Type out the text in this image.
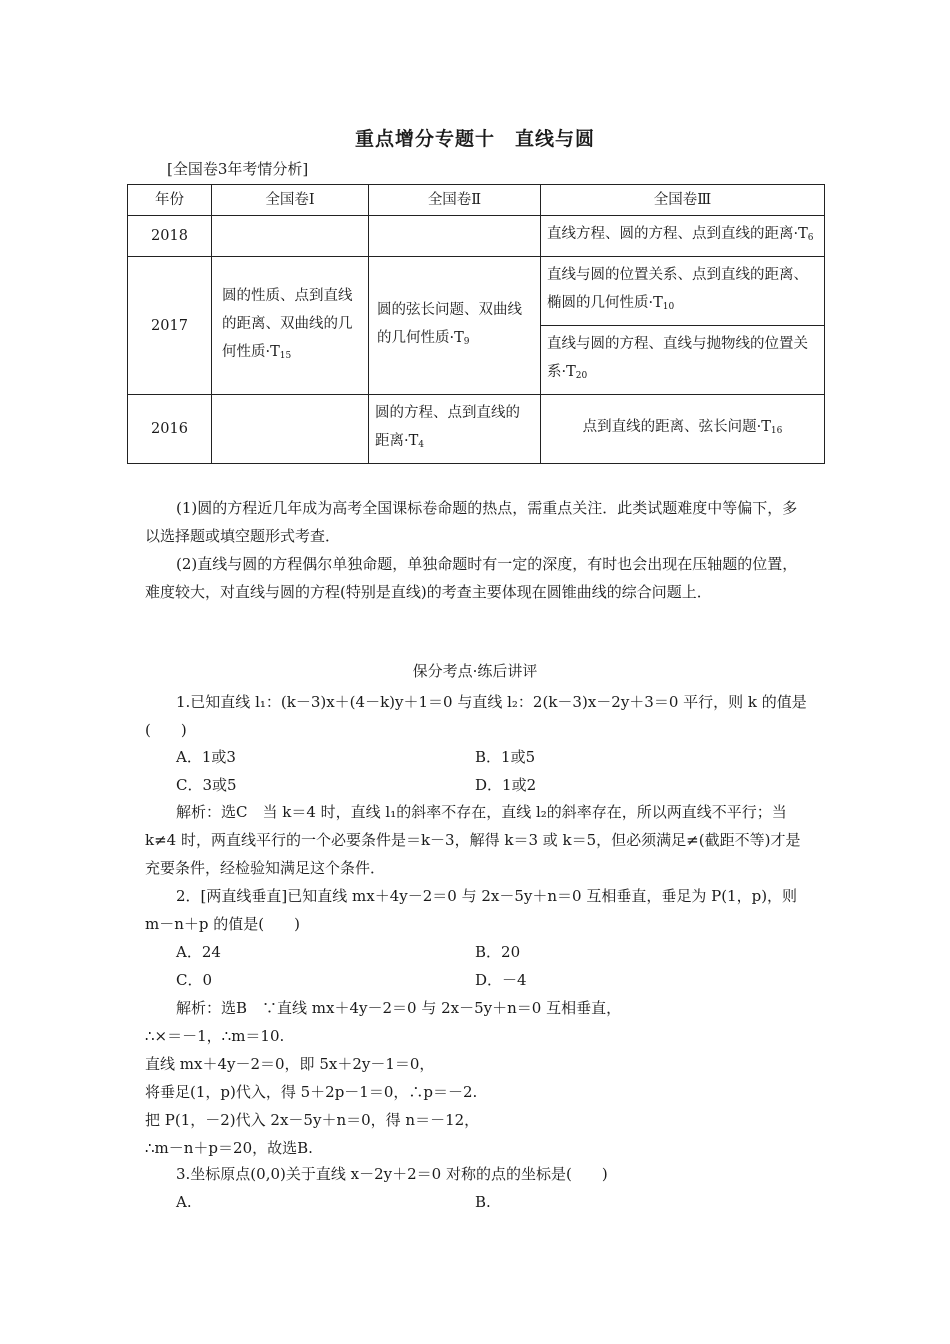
重点增分专题十　直线与圆
[全国卷3年考情分析]
年份	全国卷Ⅰ	全国卷Ⅱ	全国卷Ⅲ
2018			直线方程、圆的方程、点到直线的距离$\cdot T_6$
2017	圆的性质、点到直线的距离、双曲线的几何性质$\cdot T_{15}$	圆的弦长问题、双曲线的几何性质$\cdot T_9$	直线与圆的位置关系、点到直线的距离、椭圆的几何性质$\cdot T_{10}$
			直线与圆的方程、直线与抛物线的位置关系$\cdot T_{20}$
2016		圆的方程、点到直线的距离$\cdot T_4$	点到直线的距离、弦长问题$\cdot T_{16}$
(1)圆的方程近几年成为高考全国课标卷命题的热点，需重点关注．此类试题难度中等偏下，多以选择题或填空题形式考查．
(2)直线与圆的方程偶尔单独命题，单独命题时有一定的深度，有时也会出现在压轴题的位置，难度较大，对直线与圆的方程(特别是直线)的考查主要体现在圆锥曲线的综合问题上．
保分考点·练后讲评
1.已知直线 l₁：(k－3)x＋(4－k)y＋1＝0 与直线 l₂：2(k－3)x－2y＋3＝0 平行，则 k 的值是(　　)
A．1或3	B．1或5
C．3或5	D．1或2
解析：选C　当 k＝4 时，直线 l₁的斜率不存在，直线 l₂的斜率存在，所以两直线不平行；当 k≠4 时，两直线平行的一个必要条件是＝k－3，解得 k＝3 或 k＝5，但必须满足≠(截距不等)才是充要条件，经检验知满足这个条件．
2．[两直线垂直]已知直线 mx＋4y－2＝0 与 2x－5y＋n＝0 互相垂直，垂足为 P(1，p)，则 m－n＋p 的值是(　　)
A．24	B．20
C．0	D．－4
解析：选B　∵直线 mx＋4y－2＝0 与 2x－5y＋n＝0 互相垂直，
∴×＝－1，∴m＝10.
直线 mx＋4y－2＝0，即 5x＋2y－1＝0，
将垂足(1，p)代入，得 5＋2p－1＝0，∴p＝－2.
把 P(1，－2)代入 2x－5y＋n＝0，得 n＝－12，
∴m－n＋p＝20，故选B.
3.坐标原点(0,0)关于直线 x－2y＋2＝0 对称的点的坐标是(　　)
A.	B.
